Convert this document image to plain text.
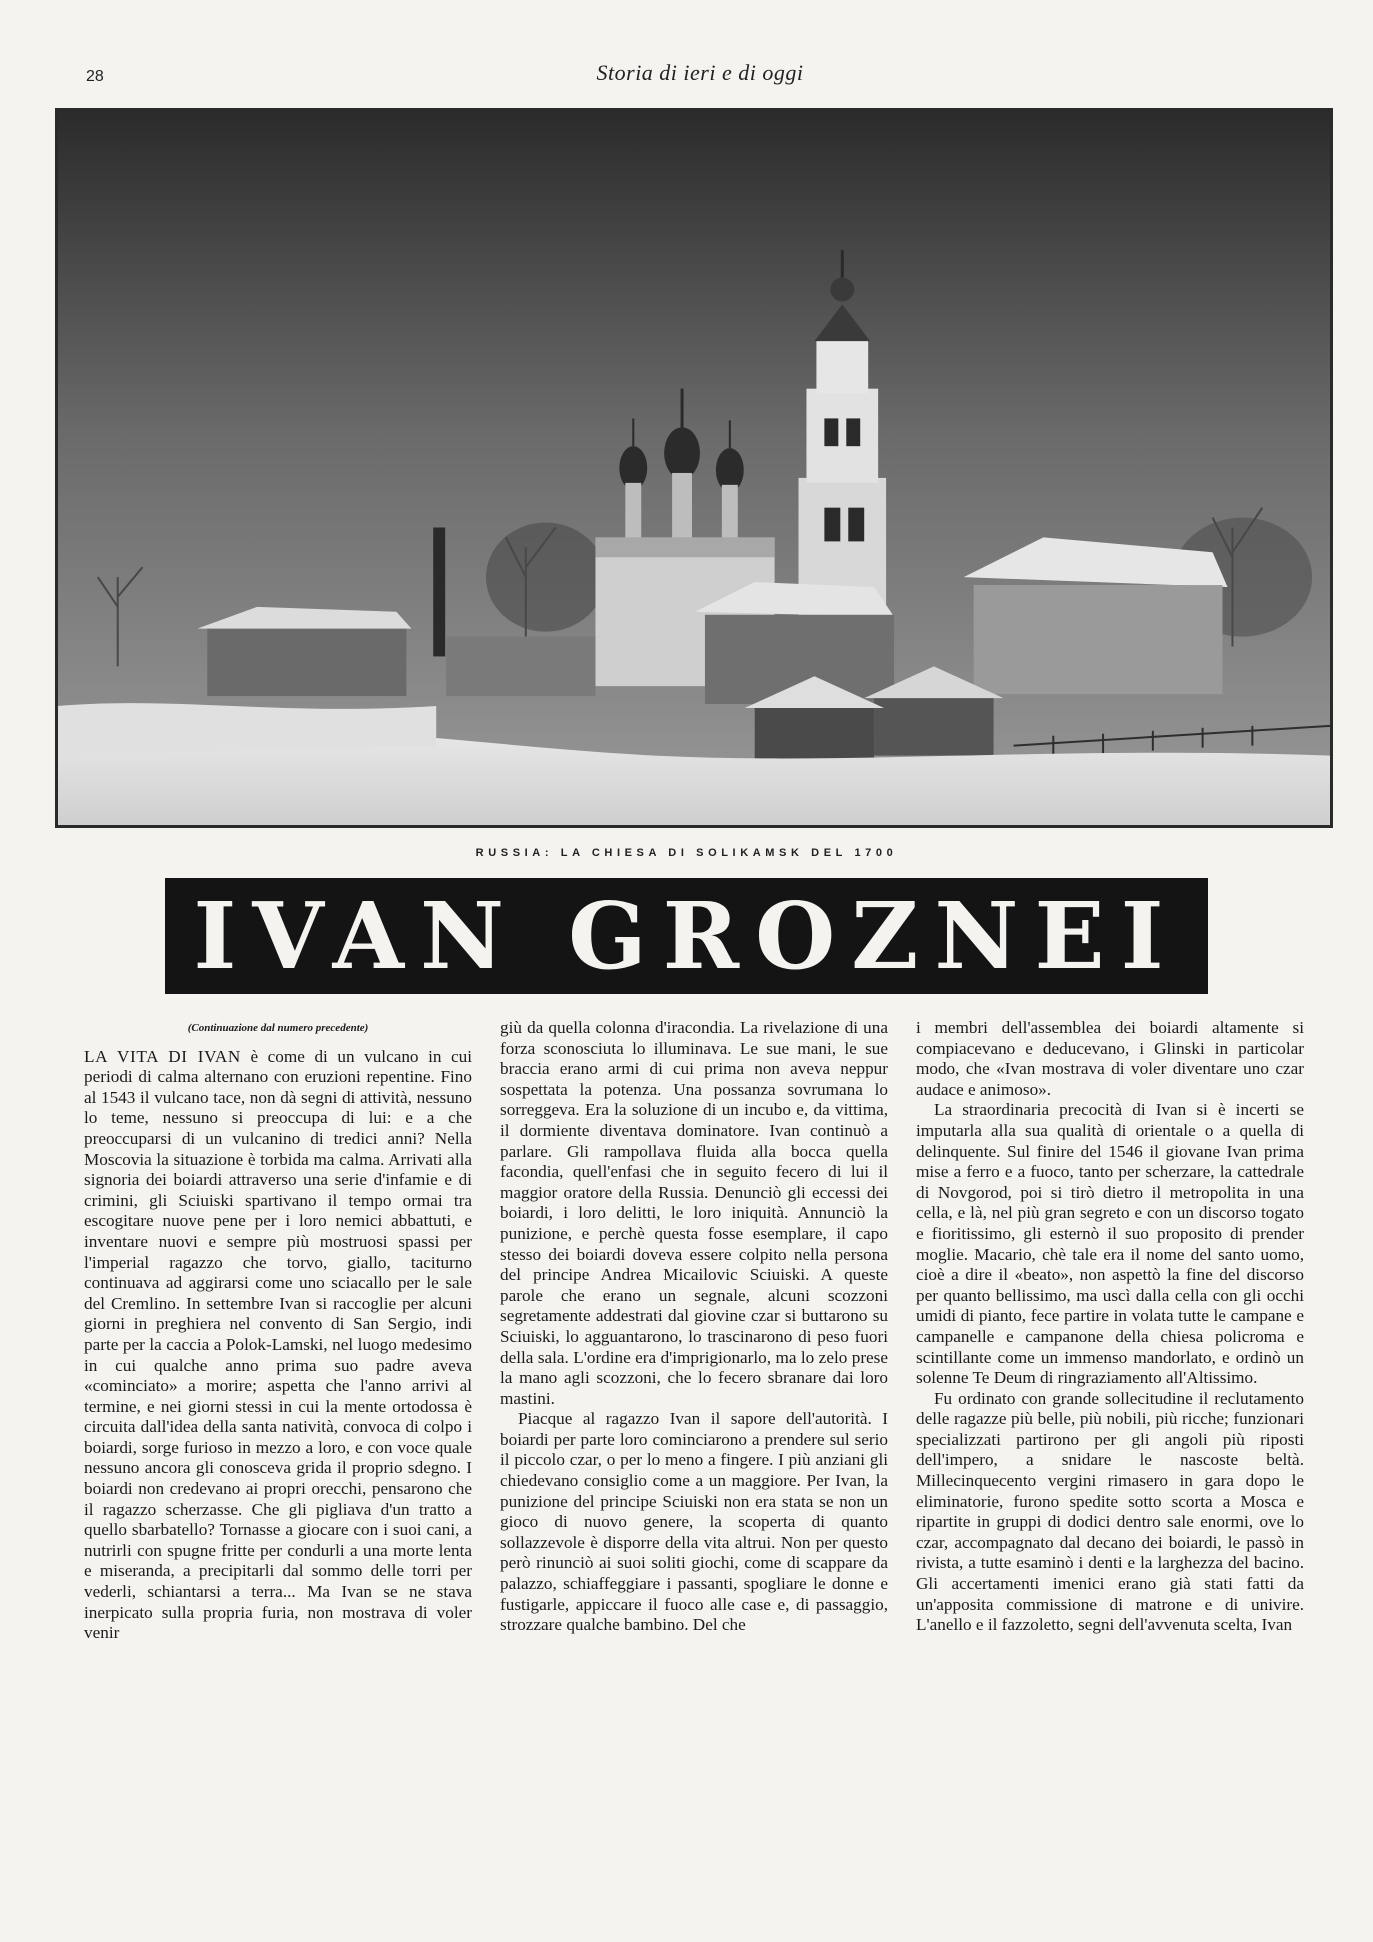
28	Storia di ieri e di oggi
RUSSIA: LA CHIESA DI SOLIKAMSK DEL 1700
IVAN GROZNEI
(Continuazione dal numero precedente)

LA VITA DI IVAN è come di un vulcano in cui periodi di calma alternano con eruzioni repentine. Fino al 1543 il vulcano tace, non dà segni di attività, nessuno lo teme, nessuno si preoccupa di lui: e a che preoccuparsi di un vulcanino di tredici anni? Nella Moscovia la situazione è torbida ma calma. Arrivati alla signoria dei boiardi attraverso una serie d'infamie e di crimini, gli Sciuiski spartivano il tempo ormai tra escogitare nuove pene per i loro nemici abbattuti, e inventare nuovi e sempre più mostruosi spassi per l'imperial ragazzo che torvo, giallo, taciturno continuava ad aggirarsi come uno sciacallo per le sale del Cremlino. In settembre Ivan si raccoglie per alcuni giorni in preghiera nel convento di San Sergio, indi parte per la caccia a Polok-Lamski, nel luogo medesimo in cui qualche anno prima suo padre aveva «cominciato» a morire; aspetta che l'anno arrivi al termine, e nei giorni stessi in cui la mente ortodossa è circuita dall'idea della santa natività, convoca di colpo i boiardi, sorge furioso in mezzo a loro, e con voce quale nessuno ancora gli conosceva grida il proprio sdegno. I boiardi non credevano ai propri orecchi, pensarono che il ragazzo scherzasse. Che gli pigliava d'un tratto a quello sbarbatello? Tornasse a giocare con i suoi cani, a nutrirli con spugne fritte per condurli a una morte lenta e miseranda, a precipitarli dal sommo delle torri per vederli, schiantarsi a terra... Ma Ivan se ne stava inerpicato sulla propria furia, non mostrava di voler venir

giù da quella colonna d'iracondia. La rivelazione di una forza sconosciuta lo illuminava. Le sue mani, le sue braccia erano armi di cui prima non aveva neppur sospettata la potenza. Una possanza sovrumana lo sorreggeva. Era la soluzione di un incubo e, da vittima, il dormiente diventava dominatore. Ivan continuò a parlare. Gli rampollava fluida alla bocca quella facondia, quell'enfasi che in seguito fecero di lui il maggior oratore della Russia. Denunciò gli eccessi dei boiardi, i loro delitti, le loro iniquità. Annunciò la punizione, e perchè questa fosse esemplare, il capo stesso dei boiardi doveva essere colpito nella persona del principe Andrea Micailovic Sciuiski. A queste parole che erano un segnale, alcuni scozzoni segretamente addestrati dal giovine czar si buttarono su Sciuiski, lo agguantarono, lo trascinarono di peso fuori della sala. L'ordine era d'imprigionarlo, ma lo zelo prese la mano agli scozzoni, che lo fecero sbranare dai loro mastini.

Piacque al ragazzo Ivan il sapore dell'autorità. I boiardi per parte loro cominciarono a prendere sul serio il piccolo czar, o per lo meno a fingere. I più anziani gli chiedevano consiglio come a un maggiore. Per Ivan, la punizione del principe Sciuiski non era stata se non un gioco di nuovo genere, la scoperta di quanto sollazzevole è disporre della vita altrui. Non per questo però rinunciò ai suoi soliti giochi, come di scappare da palazzo, schiaffeggiare i passanti, spogliare le donne e fustigarle, appiccare il fuoco alle case e, di passaggio, strozzare qualche bambino. Del che

i membri dell'assemblea dei boiardi altamente si compiacevano e deducevano, i Glinski in particolar modo, che «Ivan mostrava di voler diventare uno czar audace e animoso».

La straordinaria precocità di Ivan si è incerti se imputarla alla sua qualità di orientale o a quella di delinquente. Sul finire del 1546 il giovane Ivan prima mise a ferro e a fuoco, tanto per scherzare, la cattedrale di Novgorod, poi si tirò dietro il metropolita in una cella, e là, nel più gran segreto e con un discorso togato e fioritissimo, gli esternò il suo proposito di prender moglie. Macario, chè tale era il nome del santo uomo, cioè a dire il «beato», non aspettò la fine del discorso per quanto bellissimo, ma uscì dalla cella con gli occhi umidi di pianto, fece partire in volata tutte le campane e campanelle e campanone della chiesa policroma e scintillante come un immenso mandorlato, e ordinò un solenne Te Deum di ringraziamento all'Altissimo.

Fu ordinato con grande sollecitudine il reclutamento delle ragazze più belle, più nobili, più ricche; funzionari specializzati partirono per gli angoli più riposti dell'impero, a snidare le nascoste beltà. Millecinquecento vergini rimasero in gara dopo le eliminatorie, furono spedite sotto scorta a Mosca e ripartite in gruppi di dodici dentro sale enormi, ove lo czar, accompagnato dal decano dei boiardi, le passò in rivista, a tutte esaminò i denti e la larghezza del bacino. Gli accertamenti imenici erano già stati fatti da un'apposita commissione di matrone e di univire. L'anello e il fazzoletto, segni dell'avvenuta scelta, Ivan
